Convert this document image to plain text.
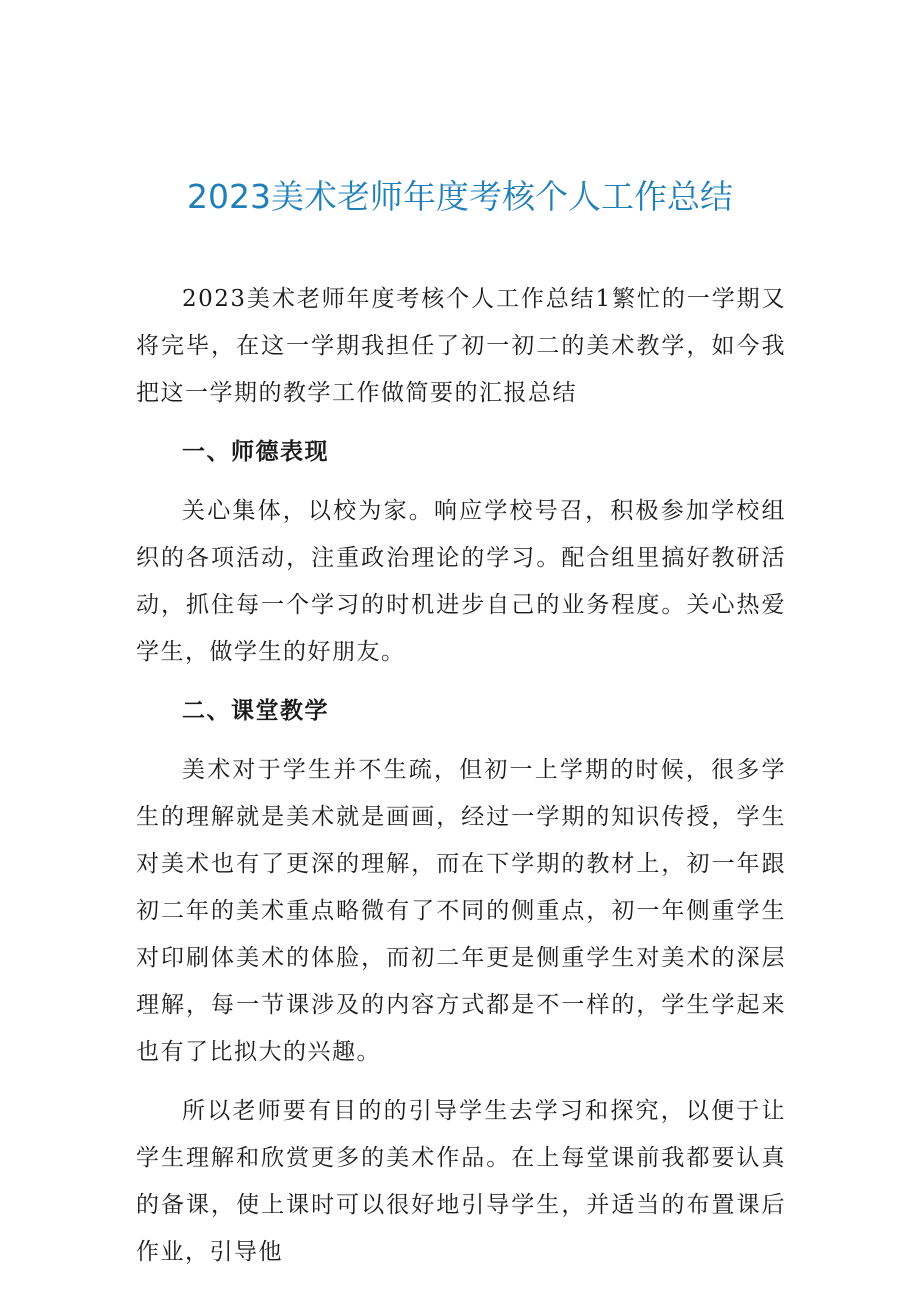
2023美术老师年度考核个人工作总结

2023美术老师年度考核个人工作总结1繁忙的一学期又将完毕，在这一学期我担任了初一初二的美术教学，如今我把这一学期的教学工作做简要的汇报总结

一、师德表现

关心集体，以校为家。响应学校号召，积极参加学校组织的各项活动，注重政治理论的学习。配合组里搞好教研活动，抓住每一个学习的时机进步自己的业务程度。关心热爱学生，做学生的好朋友。

二、课堂教学

美术对于学生并不生疏，但初一上学期的时候，很多学生的理解就是美术就是画画，经过一学期的知识传授，学生对美术也有了更深的理解，而在下学期的教材上，初一年跟初二年的美术重点略微有了不同的侧重点，初一年侧重学生对印刷体美术的体脸，而初二年更是侧重学生对美术的深层理解，每一节课涉及的内容方式都是不一样的，学生学起来也有了比拟大的兴趣。

所以老师要有目的的引导学生去学习和探究，以便于让学生理解和欣赏更多的美术作品。在上每堂课前我都要认真的备课，使上课时可以很好地引导学生，并适当的布置课后作业，引导他
